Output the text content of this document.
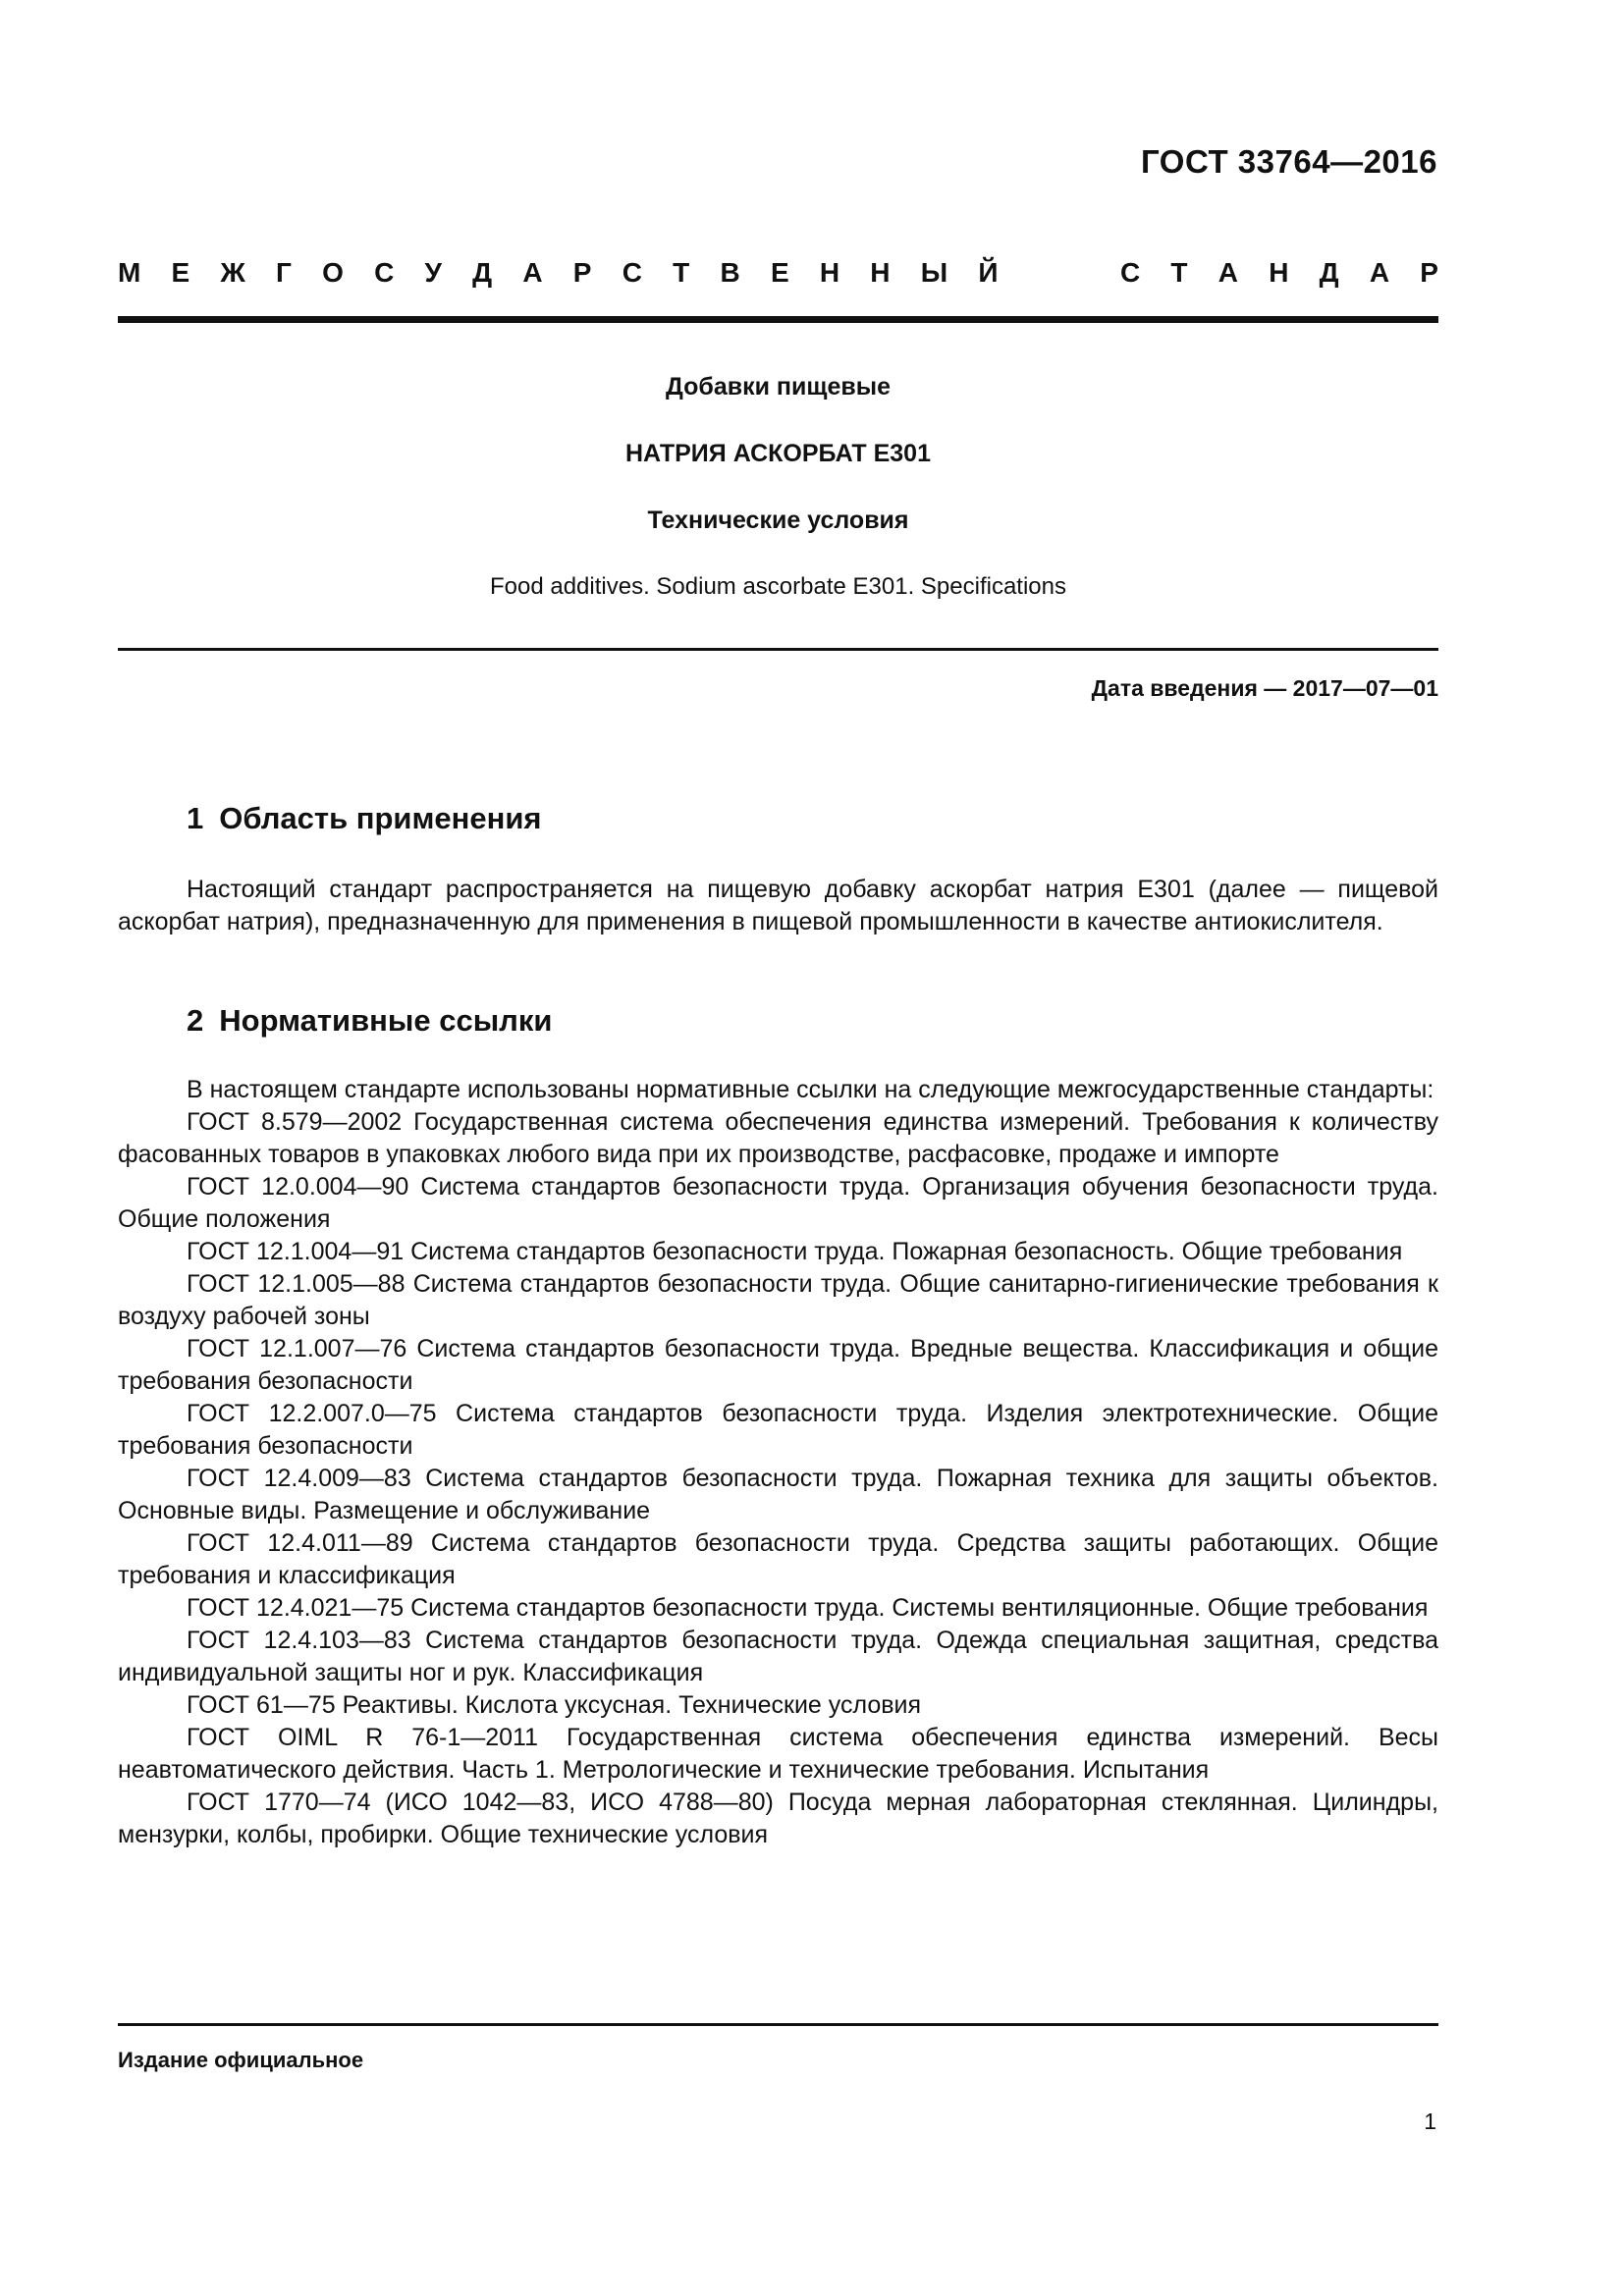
ГОСТ 33764—2016
М Е Ж Г О С У Д А Р С Т В Е Н Н Ы Й	С Т А Н Д А Р
Добавки пищевые
НАТРИЯ АСКОРБАТ Е301
Технические условия
Food additives. Sodium ascorbate E301. Specifications
Дата введения — 2017—07—01
1 Область применения

Настоящий стандарт распространяется на пищевую добавку аскорбат натрия Е301 (далее — пищевой аскорбат натрия), предназначенную для применения в пищевой промышленности в качестве антиокислителя.

2 Нормативные ссылки

В настоящем стандарте использованы нормативные ссылки на следующие межгосударственные стандарты:

ГОСТ 8.579—2002 Государственная система обеспечения единства измерений. Требования к количеству фасованных товаров в упаковках любого вида при их производстве, расфасовке, продаже и импорте

ГОСТ 12.0.004—90 Система стандартов безопасности труда. Организация обучения безопасности труда. Общие положения

ГОСТ 12.1.004—91 Система стандартов безопасности труда. Пожарная безопасность. Общие требования

ГОСТ 12.1.005—88 Система стандартов безопасности труда. Общие санитарно-гигиенические требования к воздуху рабочей зоны

ГОСТ 12.1.007—76 Система стандартов безопасности труда. Вредные вещества. Классификация и общие требования безопасности

ГОСТ 12.2.007.0—75 Система стандартов безопасности труда. Изделия электротехнические. Общие требования безопасности

ГОСТ 12.4.009—83 Система стандартов безопасности труда. Пожарная техника для защиты объектов. Основные виды. Размещение и обслуживание

ГОСТ 12.4.011—89 Система стандартов безопасности труда. Средства защиты работающих. Общие требования и классификация

ГОСТ 12.4.021—75 Система стандартов безопасности труда. Системы вентиляционные. Общие требования

ГОСТ 12.4.103—83 Система стандартов безопасности труда. Одежда специальная защитная, средства индивидуальной защиты ног и рук. Классификация

ГОСТ 61—75 Реактивы. Кислота уксусная. Технические условия

ГОСТ OIML R 76-1—2011 Государственная система обеспечения единства измерений. Весы неавтоматического действия. Часть 1. Метрологические и технические требования. Испытания

ГОСТ 1770—74 (ИСО 1042—83, ИСО 4788—80) Посуда мерная лабораторная стеклянная. Цилиндры, мензурки, колбы, пробирки. Общие технические условия

Издание официальное
1
